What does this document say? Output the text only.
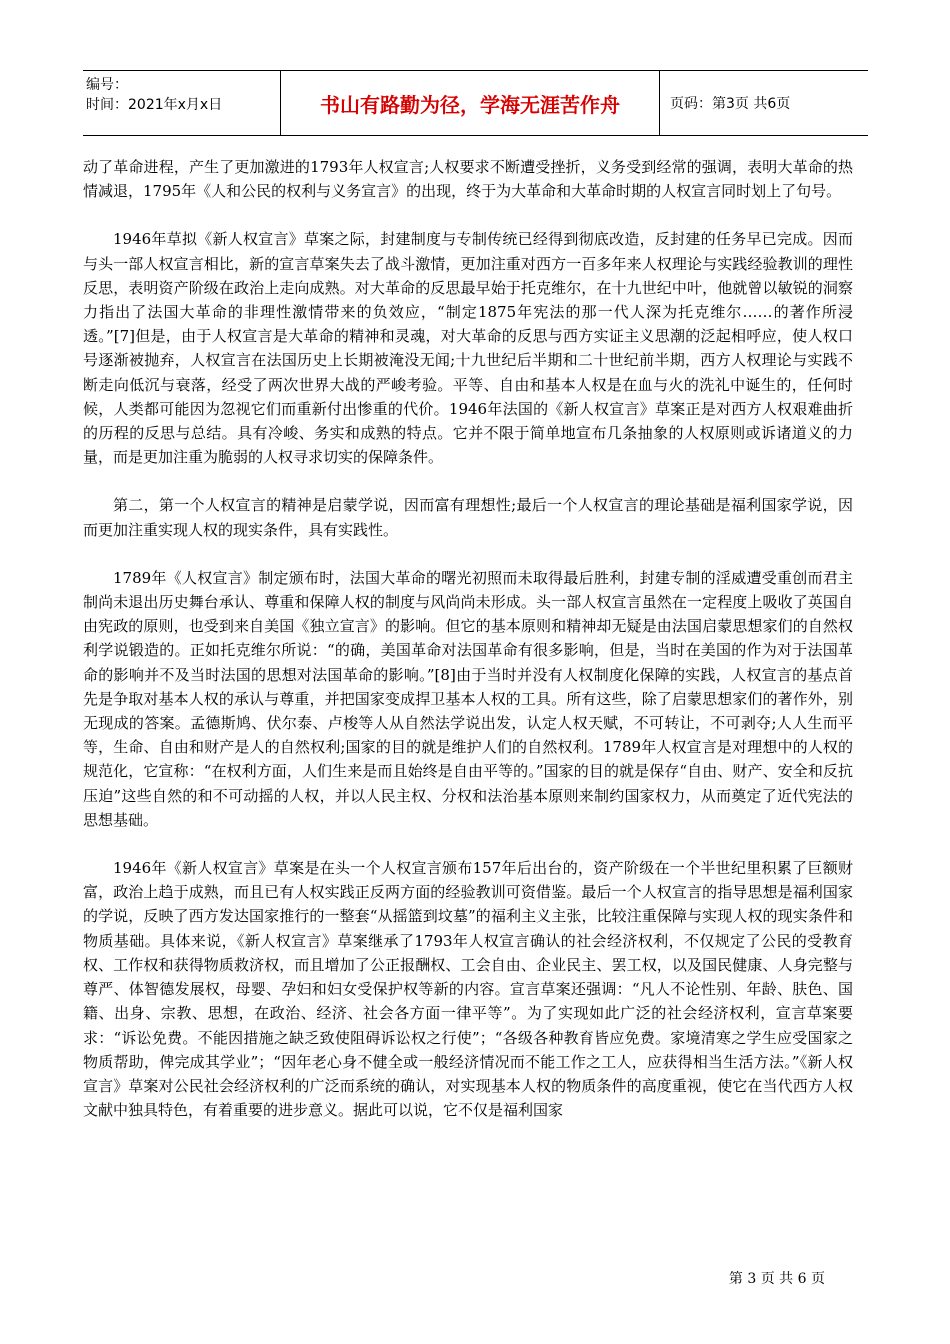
编号：
时间：2021年x月x日	书山有路勤为径，学海无涯苦作舟	页码：第3页 共6页

动了革命进程，产生了更加激进的1793年人权宣言;人权要求不断遭受挫折，义务受到经常的强调，表明大革命的热情减退，1795年《人和公民的权利与义务宣言》的出现，终于为大革命和大革命时期的人权宣言同时划上了句号。

1946年草拟《新人权宣言》草案之际，封建制度与专制传统已经得到彻底改造，反封建的任务早已完成。因而与头一部人权宣言相比，新的宣言草案失去了战斗激情，更加注重对西方一百多年来人权理论与实践经验教训的理性反思，表明资产阶级在政治上走向成熟。对大革命的反思最早始于托克维尔，在十九世纪中叶，他就曾以敏锐的洞察力指出了法国大革命的非理性激情带来的负效应，“制定1875年宪法的那一代人深为托克维尔……的著作所浸透。”[7]但是，由于人权宣言是大革命的精神和灵魂，对大革命的反思与西方实证主义思潮的泛起相呼应，使人权口号逐渐被抛弃，人权宣言在法国历史上长期被淹没无闻;十九世纪后半期和二十世纪前半期，西方人权理论与实践不断走向低沉与衰落，经受了两次世界大战的严峻考验。平等、自由和基本人权是在血与火的洗礼中诞生的，任何时候，人类都可能因为忽视它们而重新付出惨重的代价。1946年法国的《新人权宣言》草案正是对西方人权艰难曲折的历程的反思与总结。具有冷峻、务实和成熟的特点。它并不限于简单地宣布几条抽象的人权原则或诉诸道义的力量，而是更加注重为脆弱的人权寻求切实的保障条件。

第二，第一个人权宣言的精神是启蒙学说，因而富有理想性;最后一个人权宣言的理论基础是福利国家学说，因而更加注重实现人权的现实条件，具有实践性。

1789年《人权宣言》制定颁布时，法国大革命的曙光初照而未取得最后胜利，封建专制的淫威遭受重创而君主制尚未退出历史舞台承认、尊重和保障人权的制度与风尚尚未形成。头一部人权宣言虽然在一定程度上吸收了英国自由宪政的原则，也受到来自美国《独立宣言》的影响。但它的基本原则和精神却无疑是由法国启蒙思想家们的自然权利学说锻造的。正如托克维尔所说：“的确，美国革命对法国革命有很多影响，但是，当时在美国的作为对于法国革命的影响并不及当时法国的思想对法国革命的影响。”[8]由于当时并没有人权制度化保障的实践，人权宣言的基点首先是争取对基本人权的承认与尊重，并把国家变成捍卫基本人权的工具。所有这些，除了启蒙思想家们的著作外，别无现成的答案。孟德斯鸠、伏尔泰、卢梭等人从自然法学说出发，认定人权天赋，不可转让，不可剥夺;人人生而平等，生命、自由和财产是人的自然权利;国家的目的就是维护人们的自然权利。1789年人权宣言是对理想中的人权的规范化，它宣称：“在权利方面，人们生来是而且始终是自由平等的。”国家的目的就是保存“自由、财产、安全和反抗压迫”这些自然的和不可动摇的人权，并以人民主权、分权和法治基本原则来制约国家权力，从而奠定了近代宪法的思想基础。

1946年《新人权宣言》草案是在头一个人权宣言颁布157年后出台的，资产阶级在一个半世纪里积累了巨额财富，政治上趋于成熟，而且已有人权实践正反两方面的经验教训可资借鉴。最后一个人权宣言的指导思想是福利国家的学说，反映了西方发达国家推行的一整套“从摇篮到坟墓”的福利主义主张，比较注重保障与实现人权的现实条件和物质基础。具体来说，《新人权宣言》草案继承了1793年人权宣言确认的社会经济权利，不仅规定了公民的受教育权、工作权和获得物质救济权，而且增加了公正报酬权、工会自由、企业民主、罢工权，以及国民健康、人身完整与尊严、体智德发展权，母婴、孕妇和妇女受保护权等新的内容。宣言草案还强调：“凡人不论性别、年龄、肤色、国籍、出身、宗教、思想，在政治、经济、社会各方面一律平等”。为了实现如此广泛的社会经济权利，宣言草案要求：“诉讼免费。不能因措施之缺乏致使阻碍诉讼权之行使”；“各级各种教育皆应免费。家境清寒之学生应受国家之物质帮助，俾完成其学业”；“因年老心身不健全或一般经济情况而不能工作之工人，应获得相当生活方法。”《新人权宣言》草案对公民社会经济权利的广泛而系统的确认，对实现基本人权的物质条件的高度重视，使它在当代西方人权文献中独具特色，有着重要的进步意义。据此可以说，它不仅是福利国家

第 3 页 共 6 页
